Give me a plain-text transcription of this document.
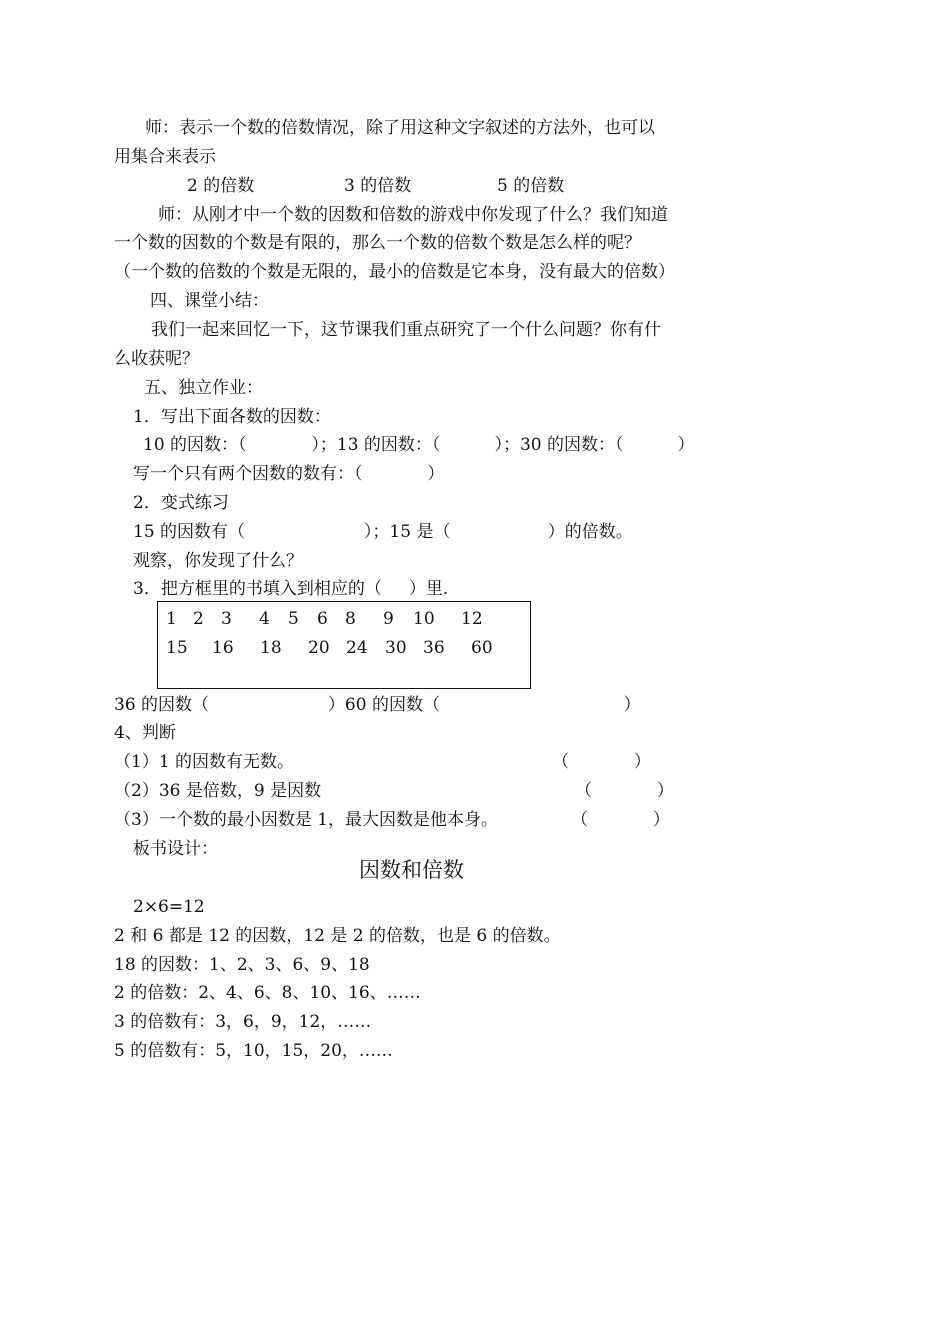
师：表示一个数的倍数情况，除了用这种文字叙述的方法外，也可以
用集合来表示
2 的倍数	3 的倍数	5 的倍数
师：从刚才中一个数的因数和倍数的游戏中你发现了什么？我们知道
一个数的因数的个数是有限的，那么一个数的倍数个数是怎么样的呢？
（一个数的倍数的个数是无限的，最小的倍数是它本身，没有最大的倍数）
四、课堂小结：
我们一起来回忆一下，这节课我们重点研究了一个什么问题？你有什
么收获呢？
五、独立作业：
1．写出下面各数的因数：
10 的因数：（            ）；13 的因数：（          ）；30 的因数：（          ）
写一个只有两个因数的数有：（            ）
2．变式练习
15 的因数有（                      ）；15 是（                  ）的倍数。
观察，你发现了什么？
3．把方框里的书填入到相应的（     ）里.
1 2 3 4 5 6 8 9 10 12
15 16 18 20 24 30 36 60
36 的因数（                      ）60 的因数（                                  ）
4、判断
（1）1 的因数有无数。	（            ）
（2）36 是倍数，9 是因数	（            ）
（3）一个数的最小因数是 1，最大因数是他本身。	（            ）
板书设计：
因数和倍数
2×6=12
2 和 6 都是 12 的因数，12 是 2 的倍数，也是 6 的倍数。
18 的因数：1、2、3、6、9、18
2 的倍数：2、4、6、8、10、16、……
3 的倍数有：3，6，9，12，……
5 的倍数有：5，10，15，20，……
